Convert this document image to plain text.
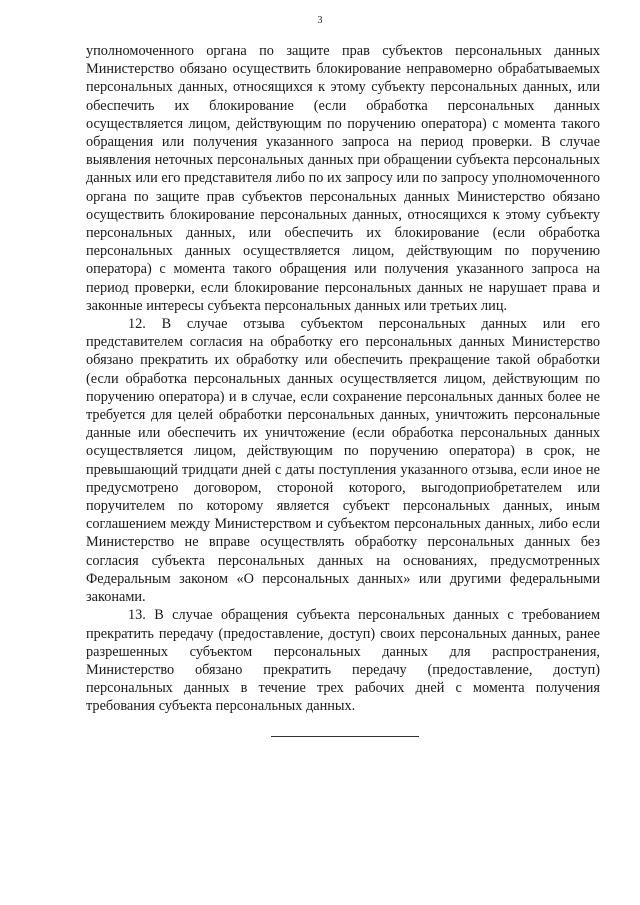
3

уполномоченного органа по защите прав субъектов персональных данных Министерство обязано осуществить блокирование неправомерно обрабатываемых персональных данных, относящихся к этому субъекту персональных данных, или обеспечить их блокирование (если обработка персональных данных осуществляется лицом, действующим по поручению оператора) с момента такого обращения или получения указанного запроса на период проверки. В случае выявления неточных персональных данных при обращении субъекта персональных данных или его представителя либо по их запросу или по запросу уполномоченного органа по защите прав субъектов персональных данных Министерство обязано осуществить блокирование персональных данных, относящихся к этому субъекту персональных данных, или обеспечить их блокирование (если обработка персональных данных осуществляется лицом, действующим по поручению оператора) с момента такого обращения или получения указанного запроса на период проверки, если блокирование персональных данных не нарушает права и законные интересы субъекта персональных данных или третьих лиц.

12. В случае отзыва субъектом персональных данных или его представителем согласия на обработку его персональных данных Министерство обязано прекратить их обработку или обеспечить прекращение такой обработки (если обработка персональных данных осуществляется лицом, действующим по поручению оператора) и в случае, если сохранение персональных данных более не требуется для целей обработки персональных данных, уничтожить персональные данные или обеспечить их уничтожение (если обработка персональных данных осуществляется лицом, действующим по поручению оператора) в срок, не превышающий тридцати дней с даты поступления указанного отзыва, если иное не предусмотрено договором, стороной которого, выгодоприобретателем или поручителем по которому является субъект персональных данных, иным соглашением между Министерством и субъектом персональных данных, либо если Министерство не вправе осуществлять обработку персональных данных без согласия субъекта персональных данных на основаниях, предусмотренных Федеральным законом «О персональных данных» или другими федеральными законами.

13. В случае обращения субъекта персональных данных с требованием прекратить передачу (предоставление, доступ) своих персональных данных, ранее разрешенных субъектом персональных данных для распространения, Министерство обязано прекратить передачу (предоставление, доступ) персональных данных в течение трех рабочих дней с момента получения требования субъекта персональных данных.
